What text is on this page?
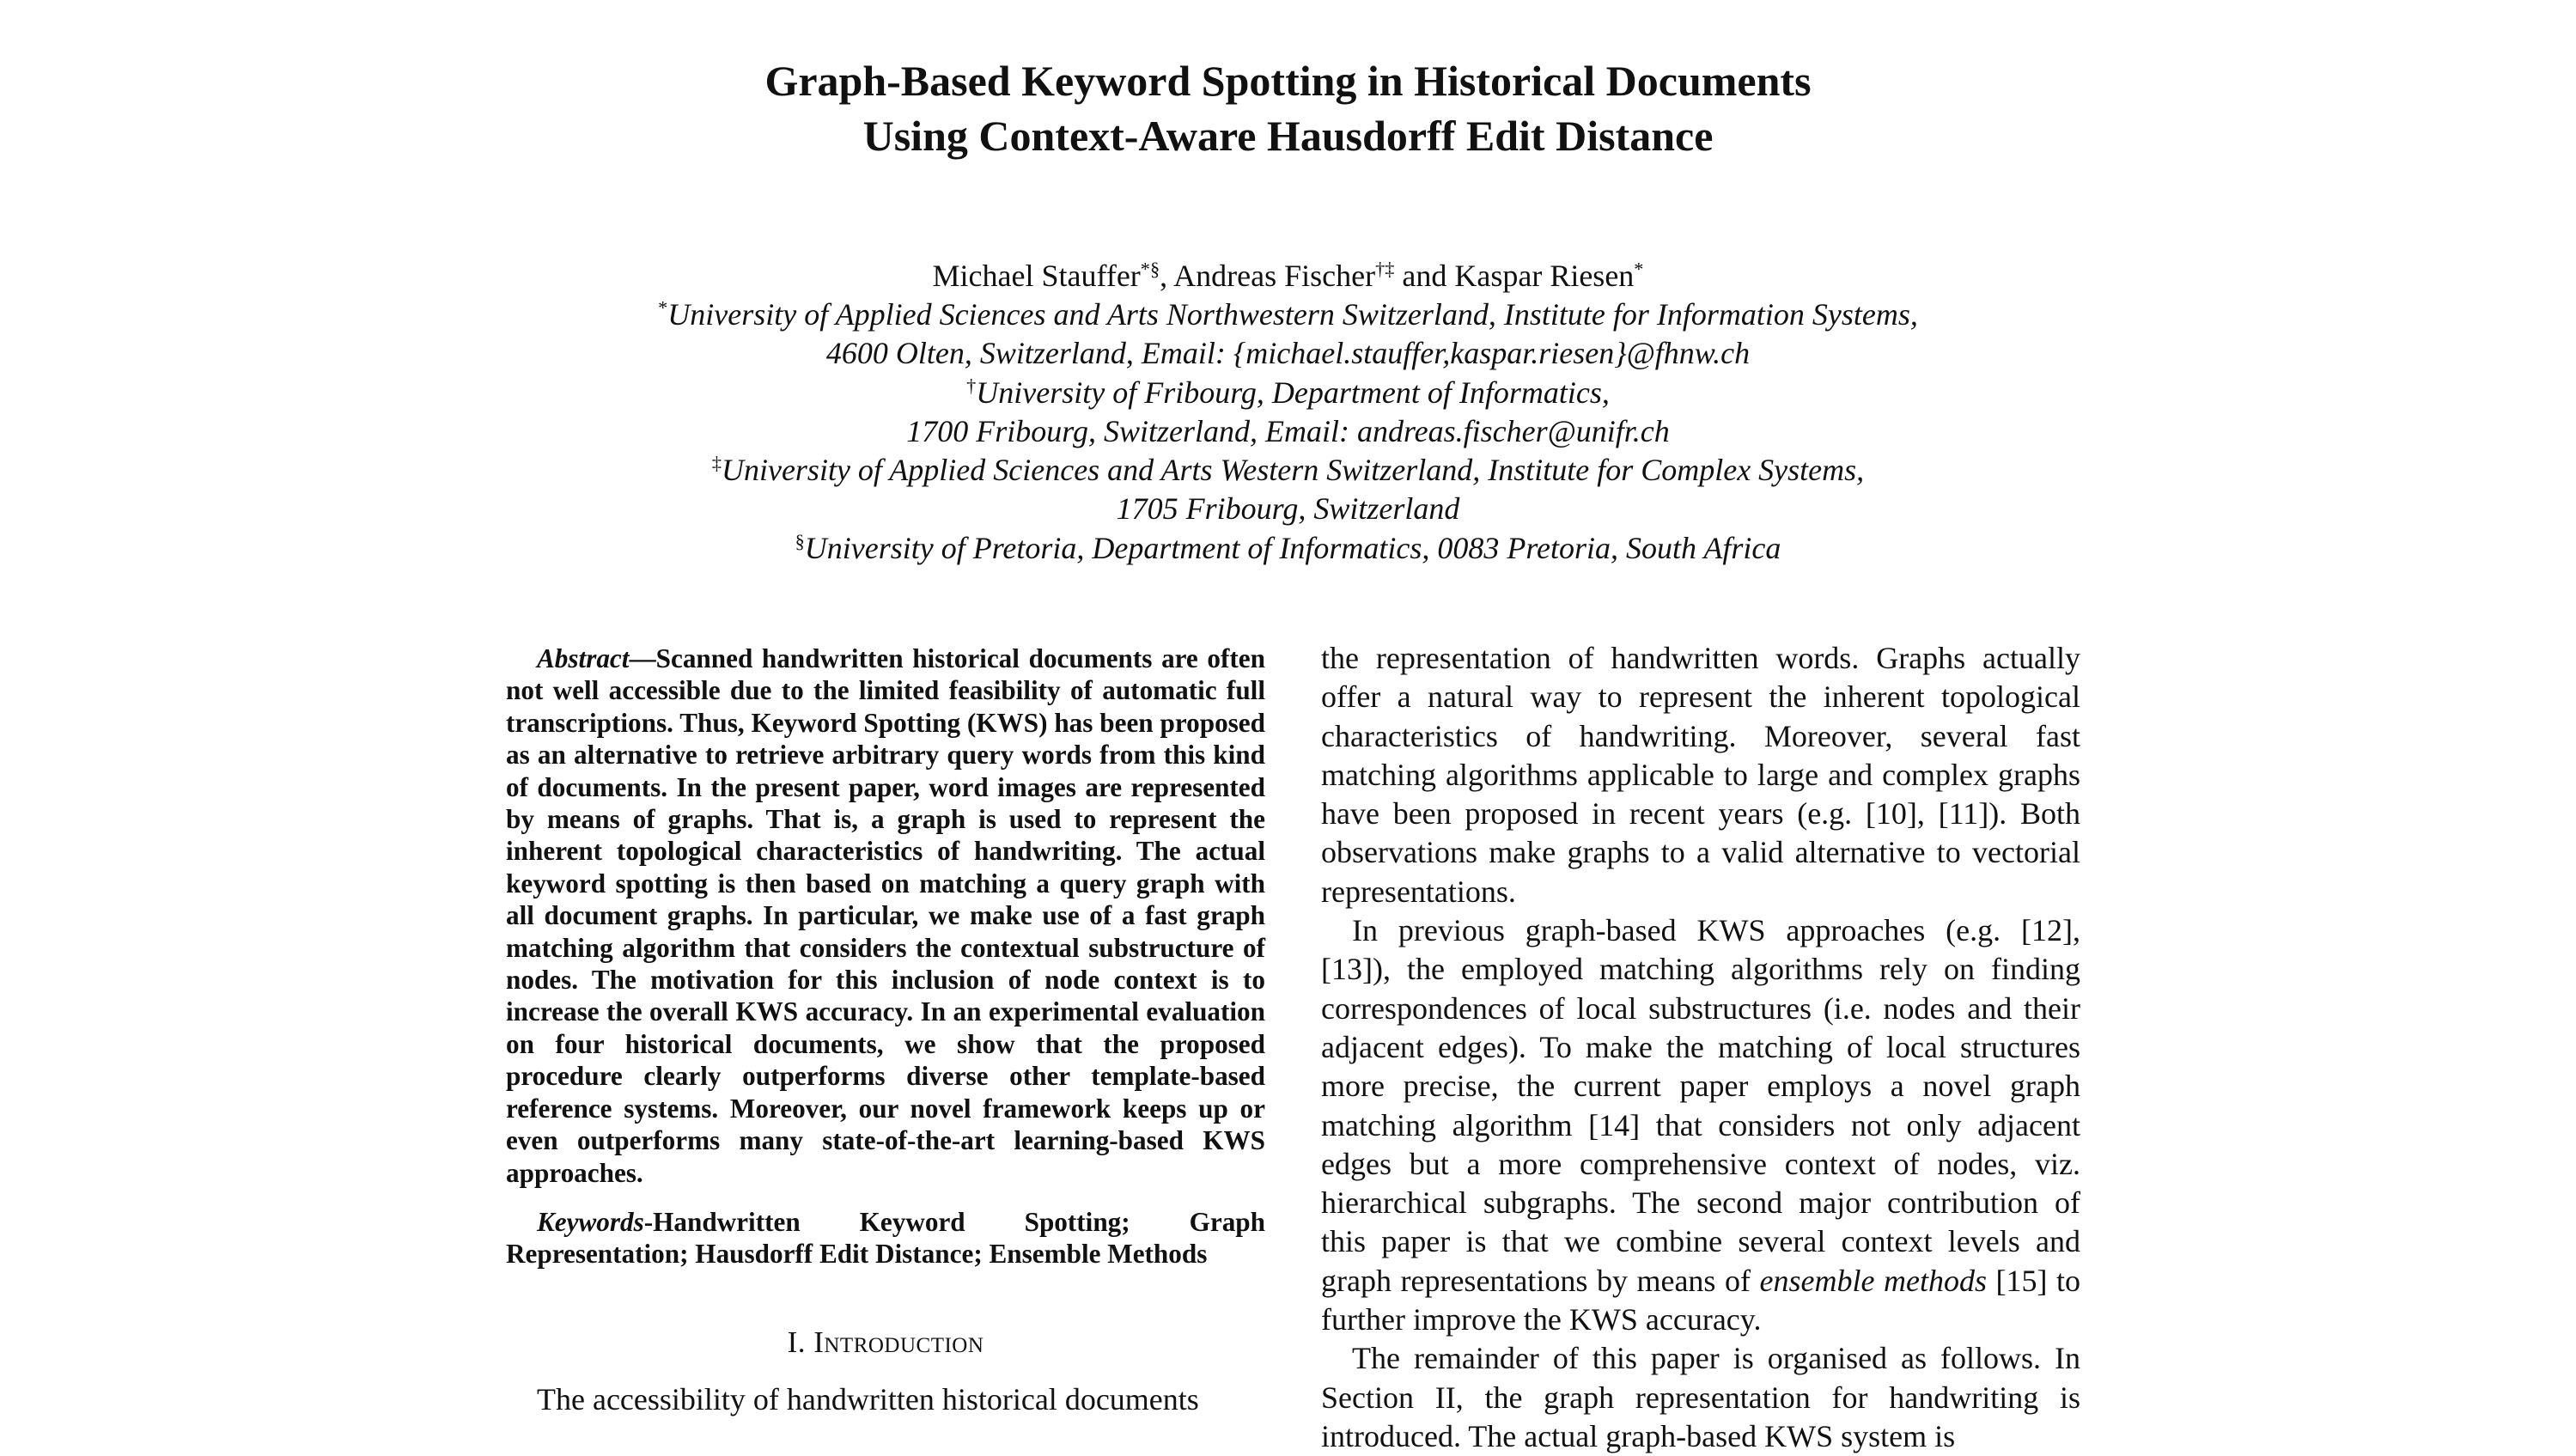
Graph-Based Keyword Spotting in Historical Documents
Using Context-Aware Hausdorff Edit Distance
Michael Stauffer*§, Andreas Fischer†‡ and Kaspar Riesen*
*University of Applied Sciences and Arts Northwestern Switzerland, Institute for Information Systems,
4600 Olten, Switzerland, Email: {michael.stauffer,kaspar.riesen}@fhnw.ch
†University of Fribourg, Department of Informatics,
1700 Fribourg, Switzerland, Email: andreas.fischer@unifr.ch
‡University of Applied Sciences and Arts Western Switzerland, Institute for Complex Systems,
1705 Fribourg, Switzerland
§University of Pretoria, Department of Informatics, 0083 Pretoria, South Africa

Abstract—Scanned handwritten historical documents are often not well accessible due to the limited feasibility of automatic full transcriptions. Thus, Keyword Spotting (KWS) has been proposed as an alternative to retrieve arbitrary query words from this kind of documents. In the present paper, word images are represented by means of graphs. That is, a graph is used to represent the inherent topological characteristics of handwriting. The actual keyword spotting is then based on matching a query graph with all document graphs. In particular, we make use of a fast graph matching algorithm that considers the contextual substructure of nodes. The motivation for this inclusion of node context is to increase the overall KWS accuracy. In an experimental evaluation on four historical documents, we show that the proposed procedure clearly outperforms diverse other template-based reference systems. Moreover, our novel framework keeps up or even outperforms many state-of-the-art learning-based KWS approaches.

Keywords-Handwritten Keyword Spotting; Graph Representation; Hausdorff Edit Distance; Ensemble Methods

I. Introduction

The accessibility of handwritten historical documents

the representation of handwritten words. Graphs actually offer a natural way to represent the inherent topological characteristics of handwriting. Moreover, several fast matching algorithms applicable to large and complex graphs have been proposed in recent years (e.g. [10], [11]). Both observations make graphs to a valid alternative to vectorial representations.

In previous graph-based KWS approaches (e.g. [12], [13]), the employed matching algorithms rely on finding correspondences of local substructures (i.e. nodes and their adjacent edges). To make the matching of local structures more precise, the current paper employs a novel graph matching algorithm [14] that considers not only adjacent edges but a more comprehensive context of nodes, viz. hierarchical subgraphs. The second major contribution of this paper is that we combine several context levels and graph representations by means of ensemble methods [15] to further improve the KWS accuracy.

The remainder of this paper is organised as follows. In Section II, the graph representation for handwriting is introduced. The actual graph-based KWS system is
